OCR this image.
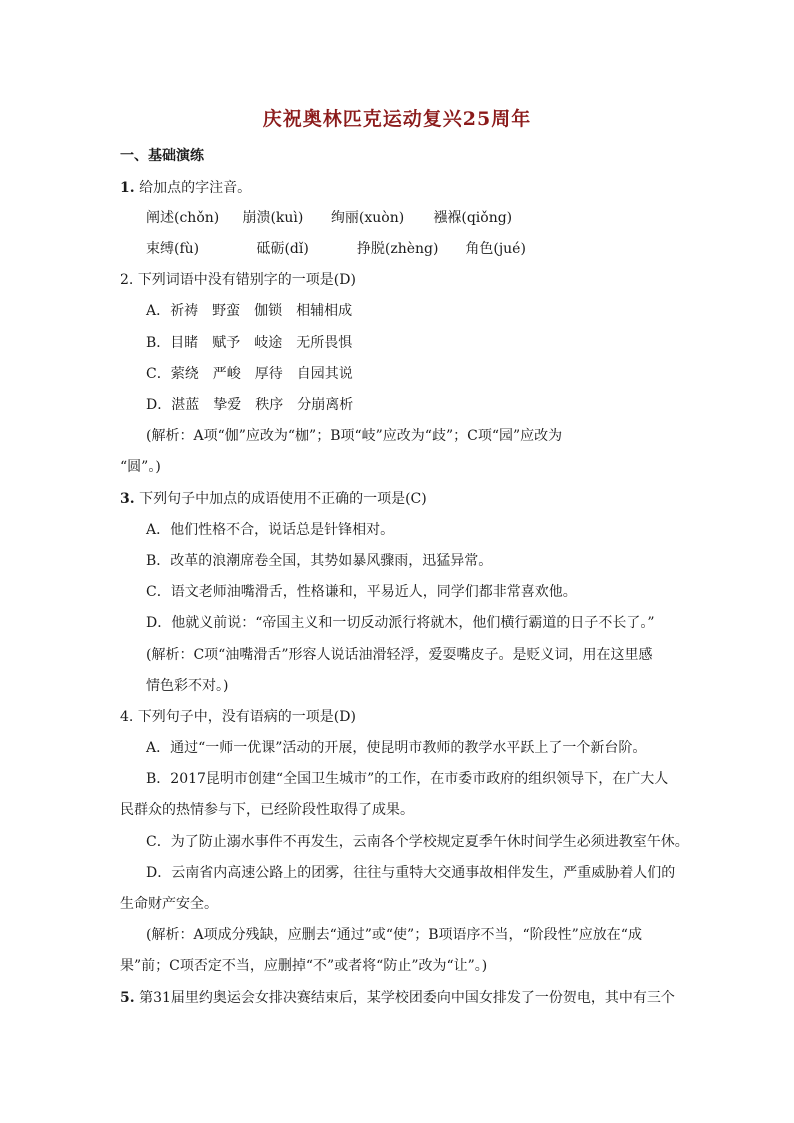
庆祝奥林匹克运动复兴25周年
一、基础演练
1. 给加点的字注音。
阐述(chǒn) 崩溃(kuì) 绚丽(xuòn) 襁褓(qiǒng)
束缚(fù)	砥砺(dǐ)	挣脱(zhèng) 角色(jué)
2. 下列词语中没有错别字的一项是(D)
A．祈祷　野蛮　伽锁　相辅相成
B．目睹　赋予　岐途　无所畏惧
C．萦绕　严峻　厚待　自园其说
D．湛蓝　挚爱　秩序　分崩离析
(解析：A项“伽”应改为“枷”；B项“岐”应改为“歧”；C项“园”应改为
“圆”。)
3. 下列句子中加点的成语使用不正确的一项是(C)
A．他们性格不合，说话总是针锋相对。
B．改革的浪潮席卷全国，其势如暴风骤雨，迅猛异常。
C．语文老师油嘴滑舌，性格谦和，平易近人，同学们都非常喜欢他。
D．他就义前说：“帝国主义和一切反动派行将就木，他们横行霸道的日子不长了。”
(解析：C项“油嘴滑舌”形容人说话油滑轻浮，爱耍嘴皮子。是贬义词，用在这里感
情色彩不对。)
4. 下列句子中，没有语病的一项是(D)
A．通过“一师一优课”活动的开展，使昆明市教师的教学水平跃上了一个新台阶。
B．2017昆明市创建“全国卫生城市”的工作，在市委市政府的组织领导下，在广大人
民群众的热情参与下，已经阶段性取得了成果。
C．为了防止溺水事件不再发生，云南各个学校规定夏季午休时间学生必须进教室午休。
D．云南省内高速公路上的团雾，往往与重特大交通事故相伴发生，严重威胁着人们的
生命财产安全。
(解析：A项成分残缺，应删去“通过”或“使”；B项语序不当，“阶段性”应放在“成
果”前；C项否定不当，应删掉“不”或者将“防止”改为“让”。)
5. 第31届里约奥运会女排决赛结束后，某学校团委向中国女排发了一份贺电，其中有三个
